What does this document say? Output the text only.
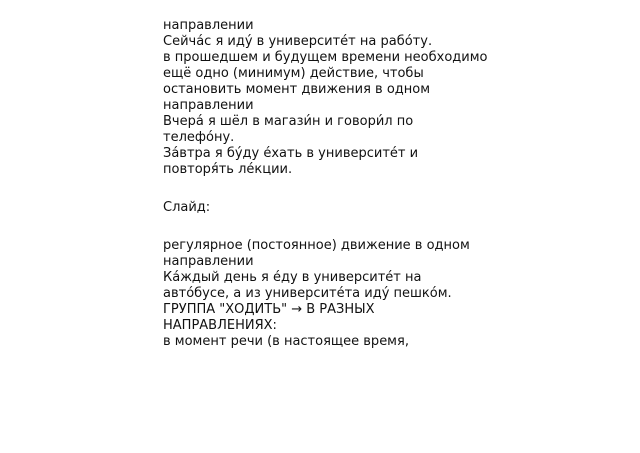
направлении
Сейча́с я иду́ в университе́т на рабо́ту.
в прошедшем и будущем времени необходимо
ещё одно (минимум) действие, чтобы
остановить момент движения в одном
направлении
Вчера́ я шёл в магази́н и говори́л по
телефо́ну.
За́втра я бу́ду е́хать в университе́т и
повторя́ть ле́кции.
Слайд:
регулярное (постоянное) движение в одном
направлении
Ка́ждый день я е́ду в университе́т на
авто́бусе, а из университе́та иду́ пешко́м.
ГРУППА "ХОДИТЬ" → В РАЗНЫХ
НАПРАВЛЕНИЯХ:
в момент речи (в настоящее время,
